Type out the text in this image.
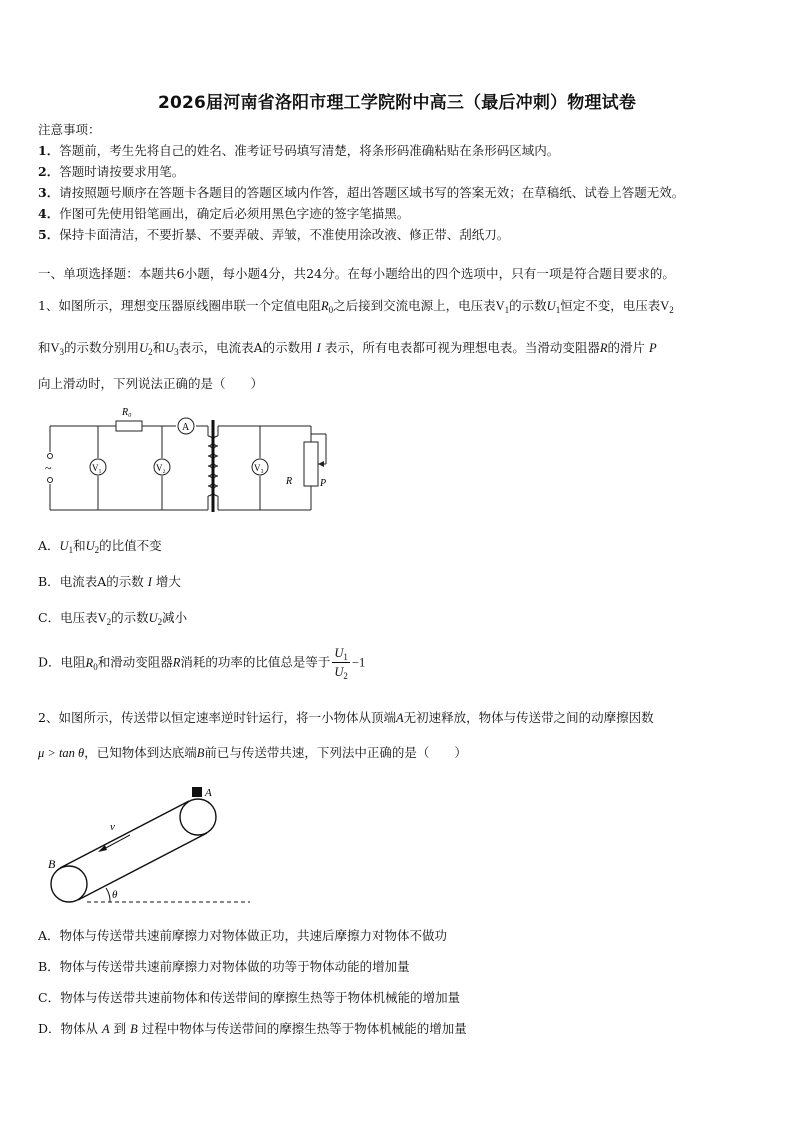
2026届河南省洛阳市理工学院附中高三（最后冲刺）物理试卷
注意事项：
1．答题前，考生先将自己的姓名、准考证号码填写清楚，将条形码准确粘贴在条形码区域内。
2．答题时请按要求用笔。
3．请按照题号顺序在答题卡各题目的答题区域内作答，超出答题区域书写的答案无效；在草稿纸、试卷上答题无效。
4．作图可先使用铅笔画出，确定后必须用黑色字迹的签字笔描黑。
5．保持卡面清洁，不要折暴、不要弄破、弄皱，不准使用涂改液、修正带、刮纸刀。
一、单项选择题：本题共6小题，每小题4分，共24分。在每小题给出的四个选项中，只有一项是符合题目要求的。
1、如图所示，理想变压器原线圈串联一个定值电阻$R_0$之后接到交流电源上，电压表$V_1$的示数$U_1$恒定不变，电压表$V_2$
和$V_3$的示数分别用$U_2$和$U_3$表示，电流表A的示数用 I 表示，所有电表都可视为理想电表。当滑动变阻器R的滑片 P
向上滑动时，下列说法正确的是（　　）
~
R₀
A
V₁	V₂	V₃
R	P
A．$U_1$和$U_2$的比值不变
B．电流表A的示数 I 增大
C．电压表$V_2$的示数$U_2$减小
D．电阻$R_0$和滑动变阻器R消耗的功率的比值总是等于 $\frac{U_1}{U_2} -1$
2、如图所示，传送带以恒定速率逆时针运行，将一小物体从顶端A无初速释放，物体与传送带之间的动摩擦因数
μ > tan θ，已知物体到达底端B前已与传送带共速，下列法中正确的是（　　）
θ
A
B
v
A．物体与传送带共速前摩擦力对物体做正功，共速后摩擦力对物体不做功
B．物体与传送带共速前摩擦力对物体做的功等于物体动能的增加量
C．物体与传送带共速前物体和传送带间的摩擦生热等于物体机械能的增加量
D．物体从 A 到 B 过程中物体与传送带间的摩擦生热等于物体机械能的增加量
